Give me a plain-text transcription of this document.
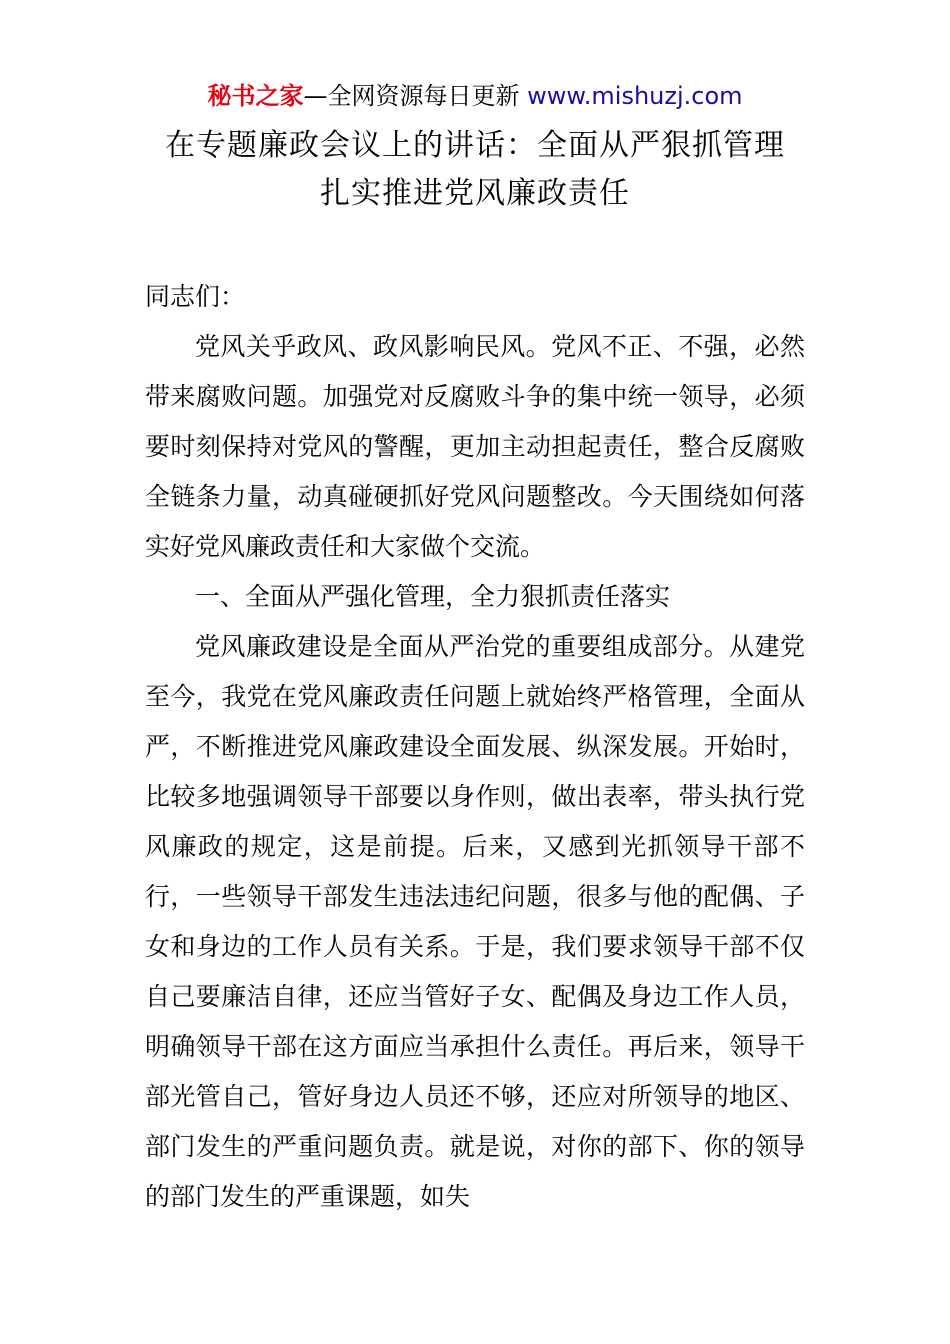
秘书之家—全网资源每日更新 www.mishuzj.com
在专题廉政会议上的讲话：全面从严狠抓管理
扎实推进党风廉政责任

同志们：

党风关乎政风、政风影响民风。党风不正、不强，必然带来腐败问题。加强党对反腐败斗争的集中统一领导，必须要时刻保持对党风的警醒，更加主动担起责任，整合反腐败全链条力量，动真碰硬抓好党风问题整改。今天围绕如何落实好党风廉政责任和大家做个交流。

一、全面从严强化管理，全力狠抓责任落实

党风廉政建设是全面从严治党的重要组成部分。从建党至今，我党在党风廉政责任问题上就始终严格管理，全面从严，不断推进党风廉政建设全面发展、纵深发展。开始时，比较多地强调领导干部要以身作则，做出表率，带头执行党风廉政的规定，这是前提。后来，又感到光抓领导干部不行，一些领导干部发生违法违纪问题，很多与他的配偶、子女和身边的工作人员有关系。于是，我们要求领导干部不仅自己要廉洁自律，还应当管好子女、配偶及身边工作人员，明确领导干部在这方面应当承担什么责任。再后来，领导干部光管自己，管好身边人员还不够，还应对所领导的地区、部门发生的严重问题负责。就是说，对你的部下、你的领导的部门发生的严重课题，如失
